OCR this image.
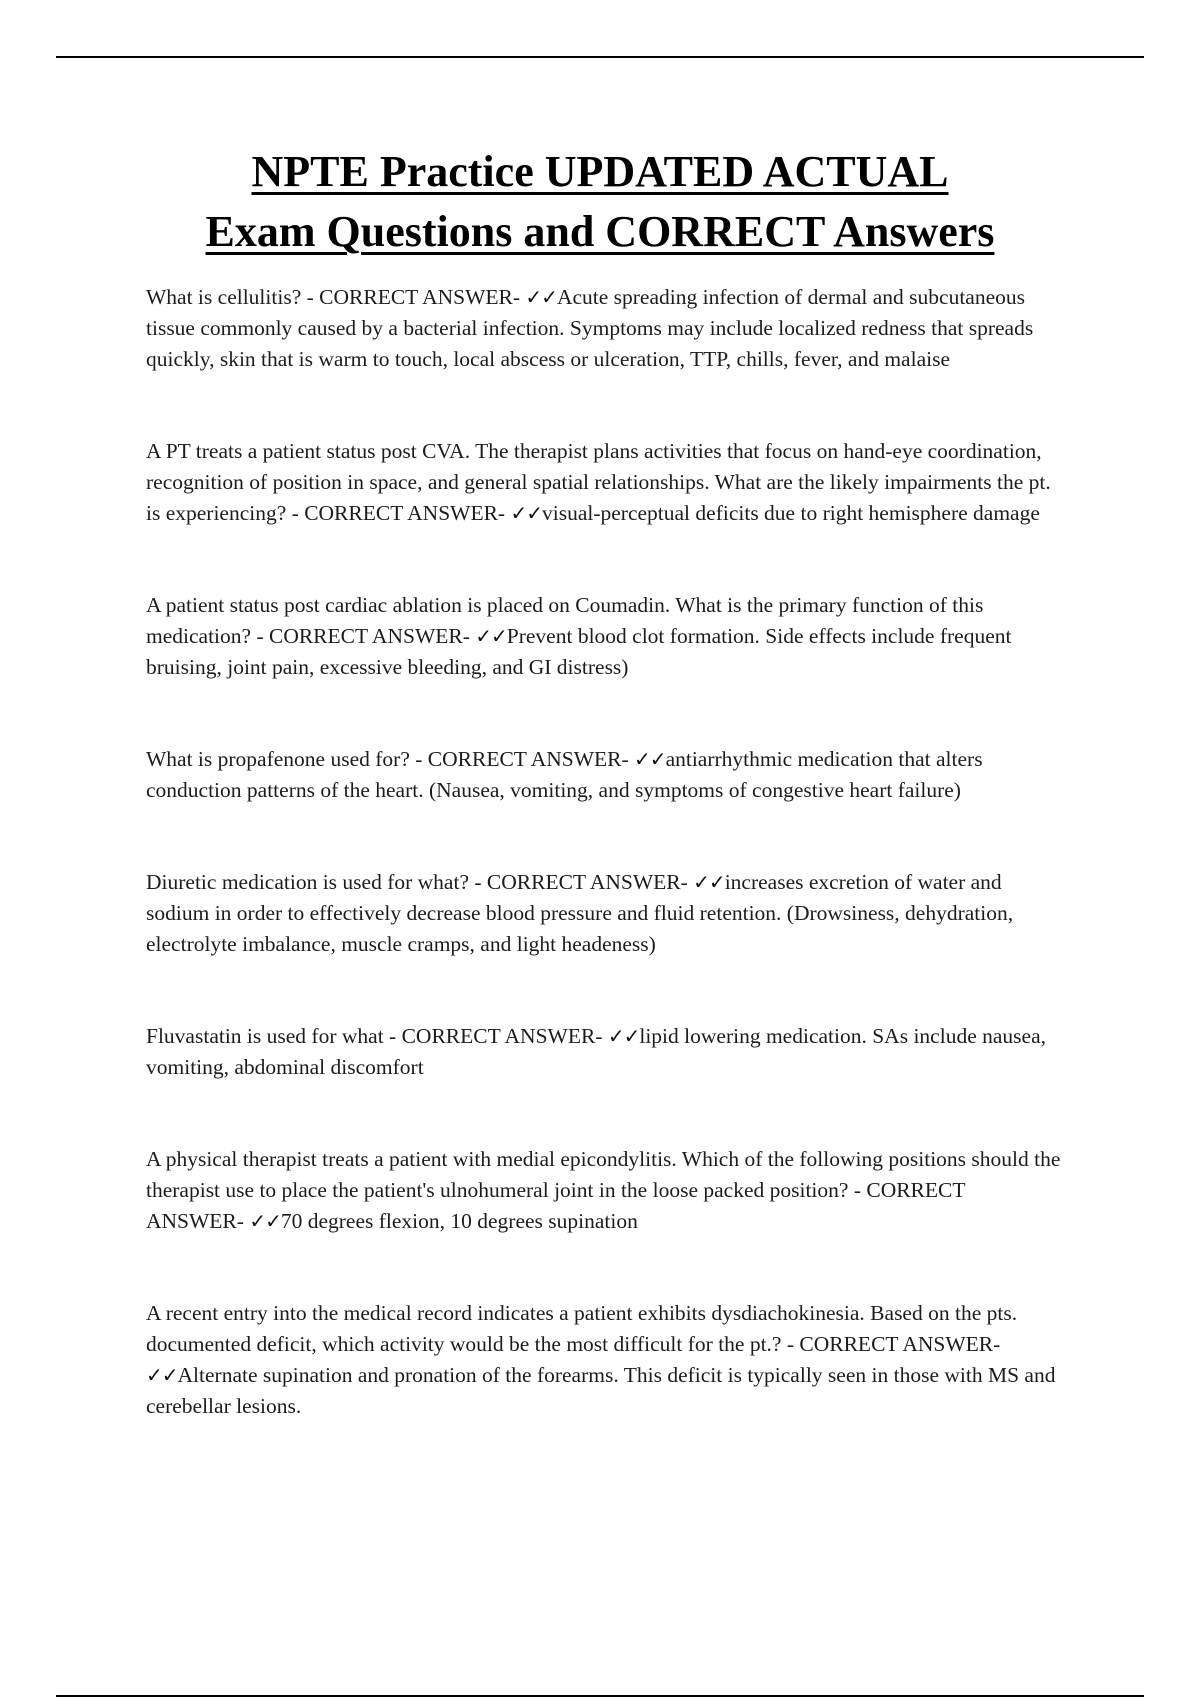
NPTE Practice UPDATED ACTUAL
Exam Questions and CORRECT Answers

What is cellulitis? - CORRECT ANSWER- ✓✓Acute spreading infection of dermal and subcutaneous tissue commonly caused by a bacterial infection. Symptoms may include localized redness that spreads quickly, skin that is warm to touch, local abscess or ulceration, TTP, chills, fever, and malaise

A PT treats a patient status post CVA. The therapist plans activities that focus on hand-eye coordination, recognition of position in space, and general spatial relationships. What are the likely impairments the pt. is experiencing? - CORRECT ANSWER- ✓✓visual-perceptual deficits due to right hemisphere damage

A patient status post cardiac ablation is placed on Coumadin. What is the primary function of this medication? - CORRECT ANSWER- ✓✓Prevent blood clot formation. Side effects include frequent bruising, joint pain, excessive bleeding, and GI distress)

What is propafenone used for? - CORRECT ANSWER- ✓✓antiarrhythmic medication that alters conduction patterns of the heart. (Nausea, vomiting, and symptoms of congestive heart failure)

Diuretic medication is used for what? - CORRECT ANSWER- ✓✓increases excretion of water and sodium in order to effectively decrease blood pressure and fluid retention. (Drowsiness, dehydration, electrolyte imbalance, muscle cramps, and light headeness)

Fluvastatin is used for what - CORRECT ANSWER- ✓✓lipid lowering medication. SAs include nausea, vomiting, abdominal discomfort

A physical therapist treats a patient with medial epicondylitis. Which of the following positions should the therapist use to place the patient's ulnohumeral joint in the loose packed position? - CORRECT ANSWER- ✓✓70 degrees flexion, 10 degrees supination

A recent entry into the medical record indicates a patient exhibits dysdiachokinesia. Based on the pts. documented deficit, which activity would be the most difficult for the pt.? - CORRECT ANSWER- ✓✓Alternate supination and pronation of the forearms. This deficit is typically seen in those with MS and cerebellar lesions.
